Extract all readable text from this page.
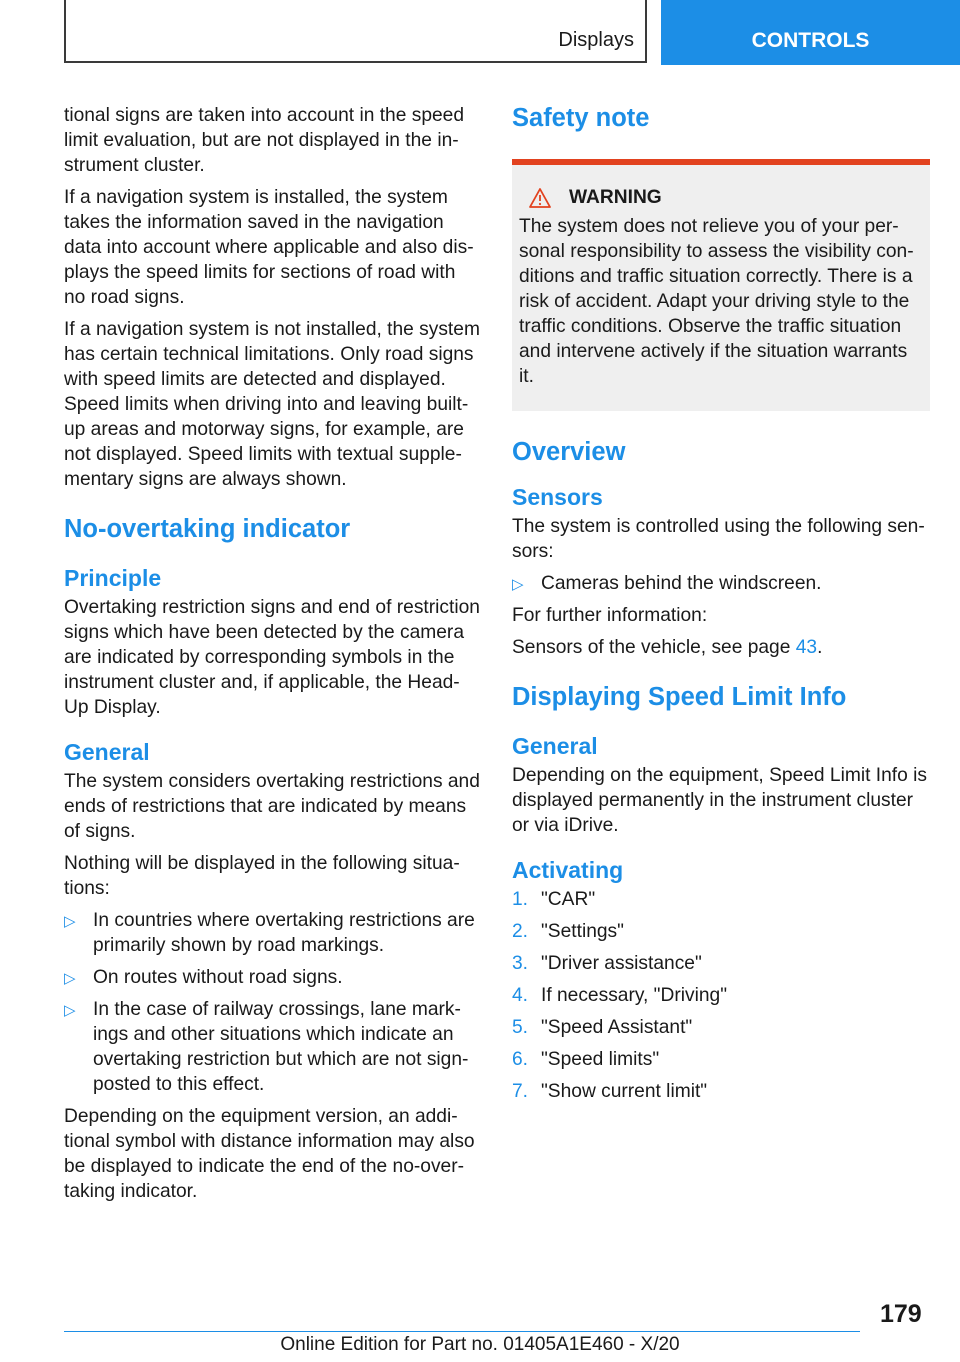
Displays	CONTROLS

tional signs are taken into account in the speed limit evaluation, but are not displayed in the instrument cluster.

If a navigation system is installed, the system takes the information saved in the navigation data into account where applicable and also displays the speed limits for sections of road with no road signs.

If a navigation system is not installed, the system has certain technical limitations. Only road signs with speed limits are detected and displayed. Speed limits when driving into and leaving built-up areas and motorway signs, for example, are not displayed. Speed limits with textual supplementary signs are always shown.

No-overtaking indicator
Principle

Overtaking restriction signs and end of restriction signs which have been detected by the camera are indicated by corresponding symbols in the instrument cluster and, if applicable, the Head-Up Display.

General

The system considers overtaking restrictions and ends of restrictions that are indicated by means of signs.

Nothing will be displayed in the following situations:

▷ In countries where overtaking restrictions are primarily shown by road markings.
▷ On routes without road signs.
▷ In the case of railway crossings, lane markings and other situations which indicate an overtaking restriction but which are not signposted to this effect.

Depending on the equipment version, an additional symbol with distance information may also be displayed to indicate the end of the no-overtaking indicator.

Safety note
WARNING
The system does not relieve you of your personal responsibility to assess the visibility conditions and traffic situation correctly. There is a risk of accident. Adapt your driving style to the traffic conditions. Observe the traffic situation and intervene actively if the situation warrants it.
Overview
Sensors

The system is controlled using the following sensors:

▷ Cameras behind the windscreen.

For further information:

Sensors of the vehicle, see page 43.

Displaying Speed Limit Info
General

Depending on the equipment, Speed Limit Info is displayed permanently in the instrument cluster or via iDrive.

Activating
1. "CAR"
2. "Settings"
3. "Driver assistance"
4. If necessary, "Driving"
5. "Speed Assistant"
6. "Speed limits"
7. "Show current limit"
179
Online Edition for Part no. 01405A1E460 - X/20
